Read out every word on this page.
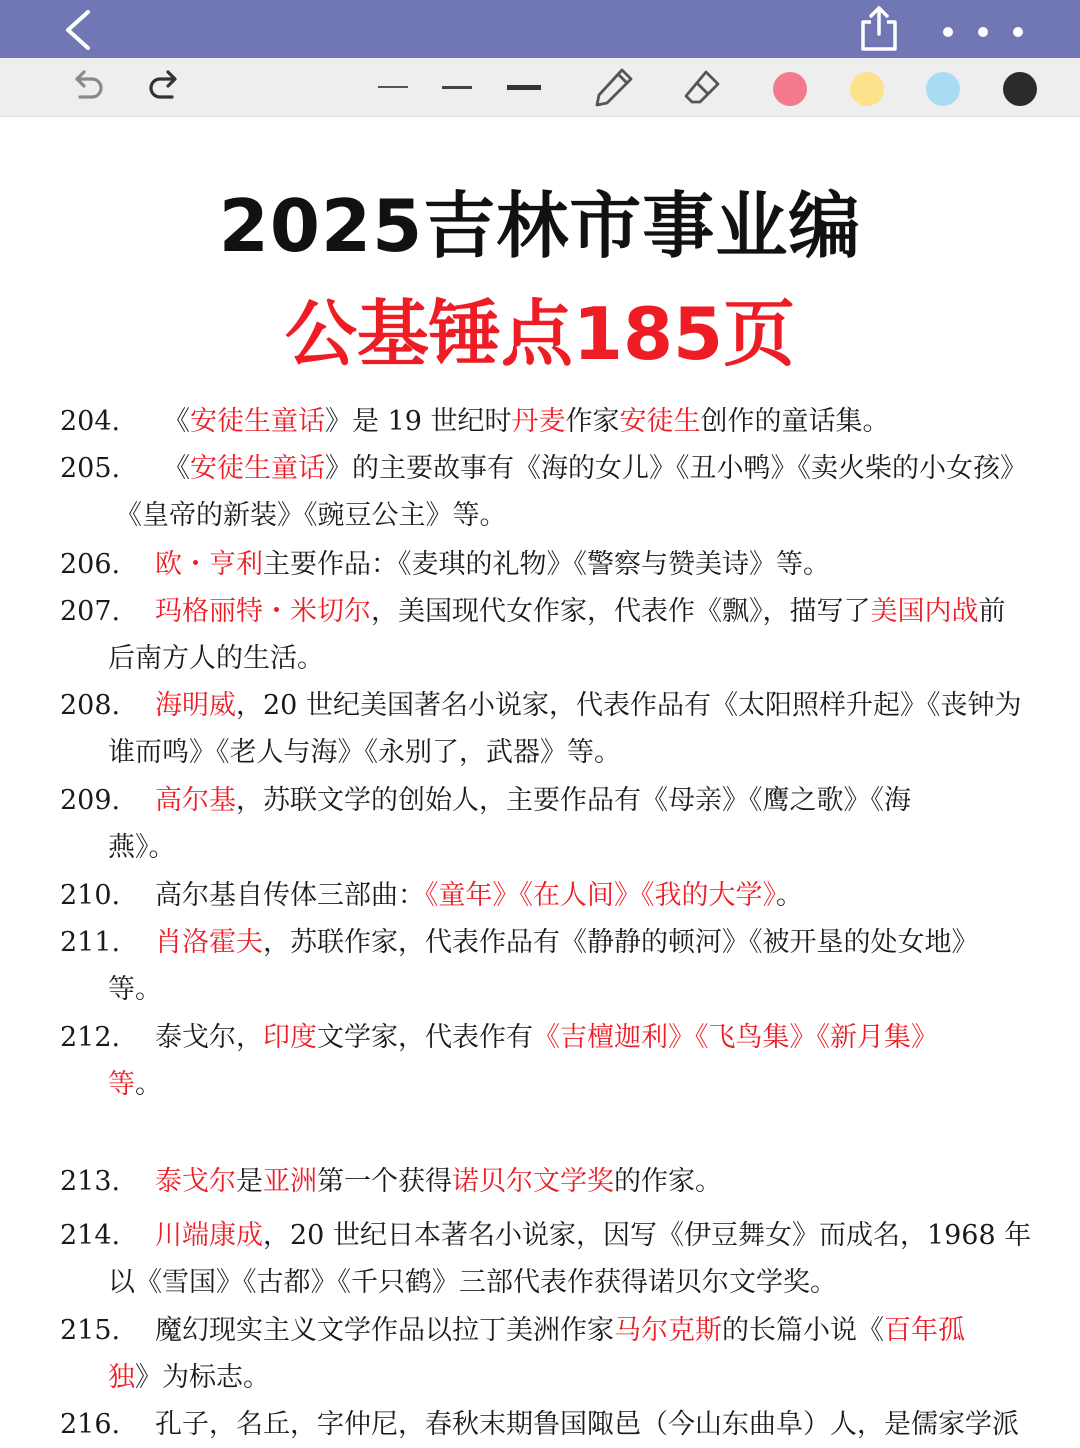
2025吉林市事业编
公基锤点185页
204.	《安徒生童话》是 19 世纪时丹麦作家安徒生创作的童话集。
205.	《安徒生童话》的主要故事有《海的女儿》《丑小鸭》《卖火柴的小女孩》
《皇帝的新装》《豌豆公主》等。
206.	欧・亨利主要作品：《麦琪的礼物》《警察与赞美诗》等。
207.	玛格丽特・米切尔，美国现代女作家，代表作《飘》，描写了美国内战前
后南方人的生活。
208.	海明威，20 世纪美国著名小说家，代表作品有《太阳照样升起》《丧钟为
谁而鸣》《老人与海》《永别了，武器》等。
209.	高尔基，苏联文学的创始人，主要作品有《母亲》《鹰之歌》《海
燕》。
210.	高尔基自传体三部曲：《童年》《在人间》《我的大学》。
211.	肖洛霍夫，苏联作家，代表作品有《静静的顿河》《被开垦的处女地》
等。
212.	泰戈尔，印度文学家，代表作有《吉檀迦利》《飞鸟集》《新月集》
等。
213.	泰戈尔是亚洲第一个获得诺贝尔文学奖的作家。
214.	川端康成，20 世纪日本著名小说家，因写《伊豆舞女》而成名，1968 年
以《雪国》《古都》《千只鹤》三部代表作获得诺贝尔文学奖。
215.	魔幻现实主义文学作品以拉丁美洲作家马尔克斯的长篇小说《百年孤
独》为标志。
216.	孔子，名丘，字仲尼，春秋末期鲁国陬邑（今山东曲阜）人，是儒家学派
